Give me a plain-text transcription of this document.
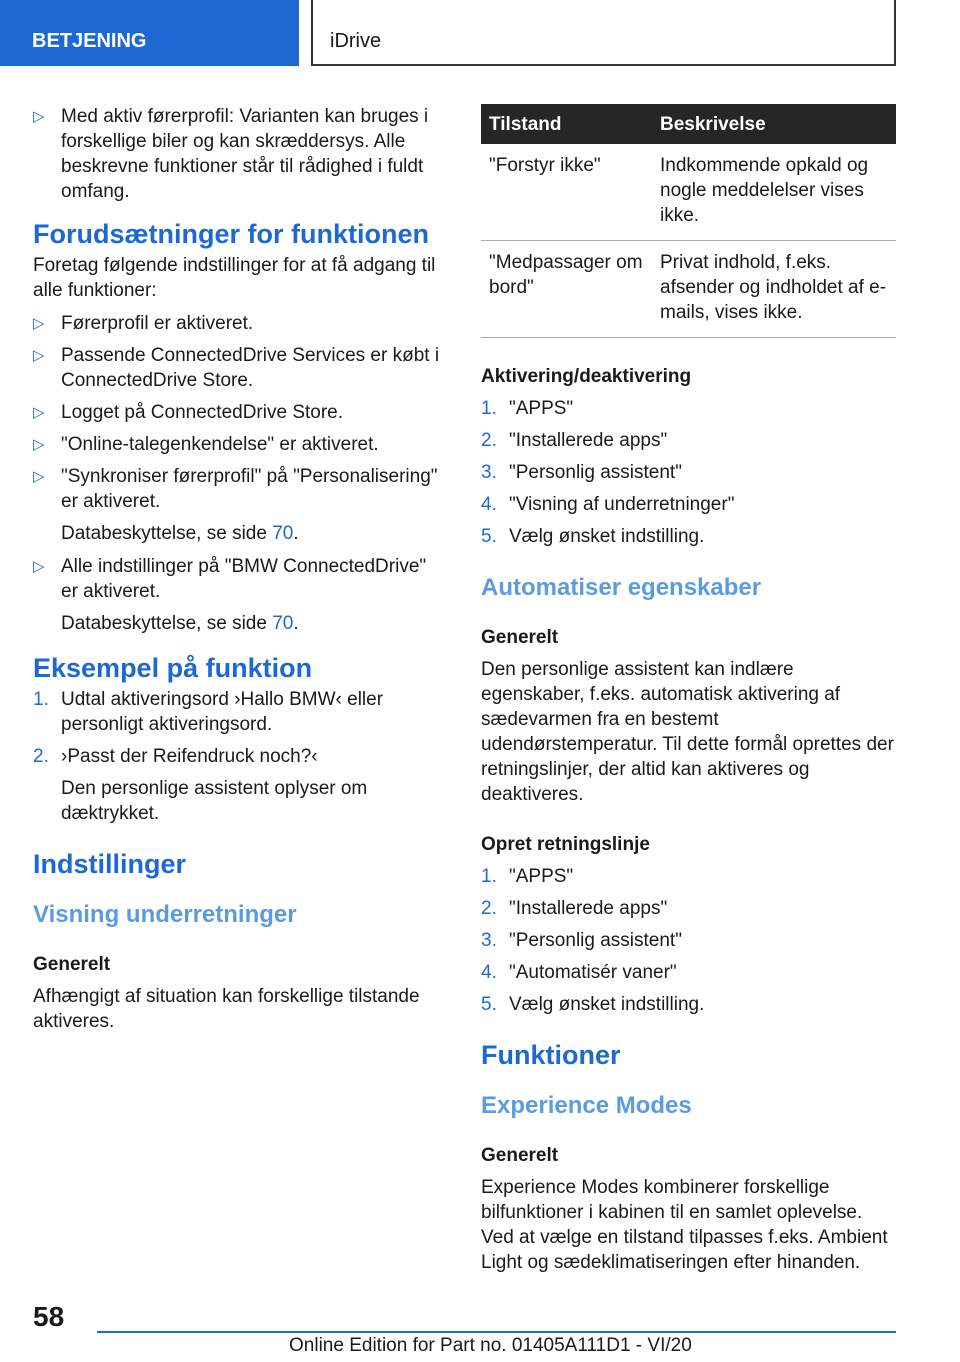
BETJENING	iDrive
▷ Med aktiv førerprofil: Varianten kan bruges i forskellige biler og kan skræddersys. Alle beskrevne funktioner står til rådighed i fuldt omfang.
Forudsætninger for funktionen

Foretag følgende indstillinger for at få adgang til alle funktioner:

▷ Førerprofil er aktiveret.
▷ Passende ConnectedDrive Services er købt i ConnectedDrive Store.
▷ Logget på ConnectedDrive Store.
▷ "Online-talegenkendelse" er aktiveret.
▷ "Synkroniser førerprofil" på "Personalisering" er aktiveret.

Databeskyttelse, se side 70.

▷ Alle indstillinger på "BMW ConnectedDrive" er aktiveret.

Databeskyttelse, se side 70.

Eksempel på funktion
1. Udtal aktiveringsord ›Hallo BMW‹ eller personligt aktiveringsord.
2. ›Passt der Reifendruck noch?‹

Den personlige assistent oplyser om dæktrykket.

Indstillinger
Visning underretninger
Generelt

Afhængigt af situation kan forskellige tilstande aktiveres.

Tilstand	Beskrivelse
"Forstyr ikke"	Indkommende opkald og nogle meddelelser vises ikke.
"Medpassager om bord"	Privat indhold, f.eks. afsender og indholdet af e-mails, vises ikke.
Aktivering/deaktivering
1. "APPS"
2. "Installerede apps"
3. "Personlig assistent"
4. "Visning af underretninger"
5. Vælg ønsket indstilling.
Automatiser egenskaber
Generelt

Den personlige assistent kan indlære egenskaber, f.eks. automatisk aktivering af sædevarmen fra en bestemt udendørstemperatur. Til dette formål oprettes der retningslinjer, der altid kan aktiveres og deaktiveres.

Opret retningslinje
1. "APPS"
2. "Installerede apps"
3. "Personlig assistent"
4. "Automatisér vaner"
5. Vælg ønsket indstilling.
Funktioner
Experience Modes
Generelt

Experience Modes kombinerer forskellige bilfunktioner i kabinen til en samlet oplevelse. Ved at vælge en tilstand tilpasses f.eks. Ambient Light og sædeklimatiseringen efter hinanden.

58
Online Edition for Part no. 01405A111D1 - VI/20
